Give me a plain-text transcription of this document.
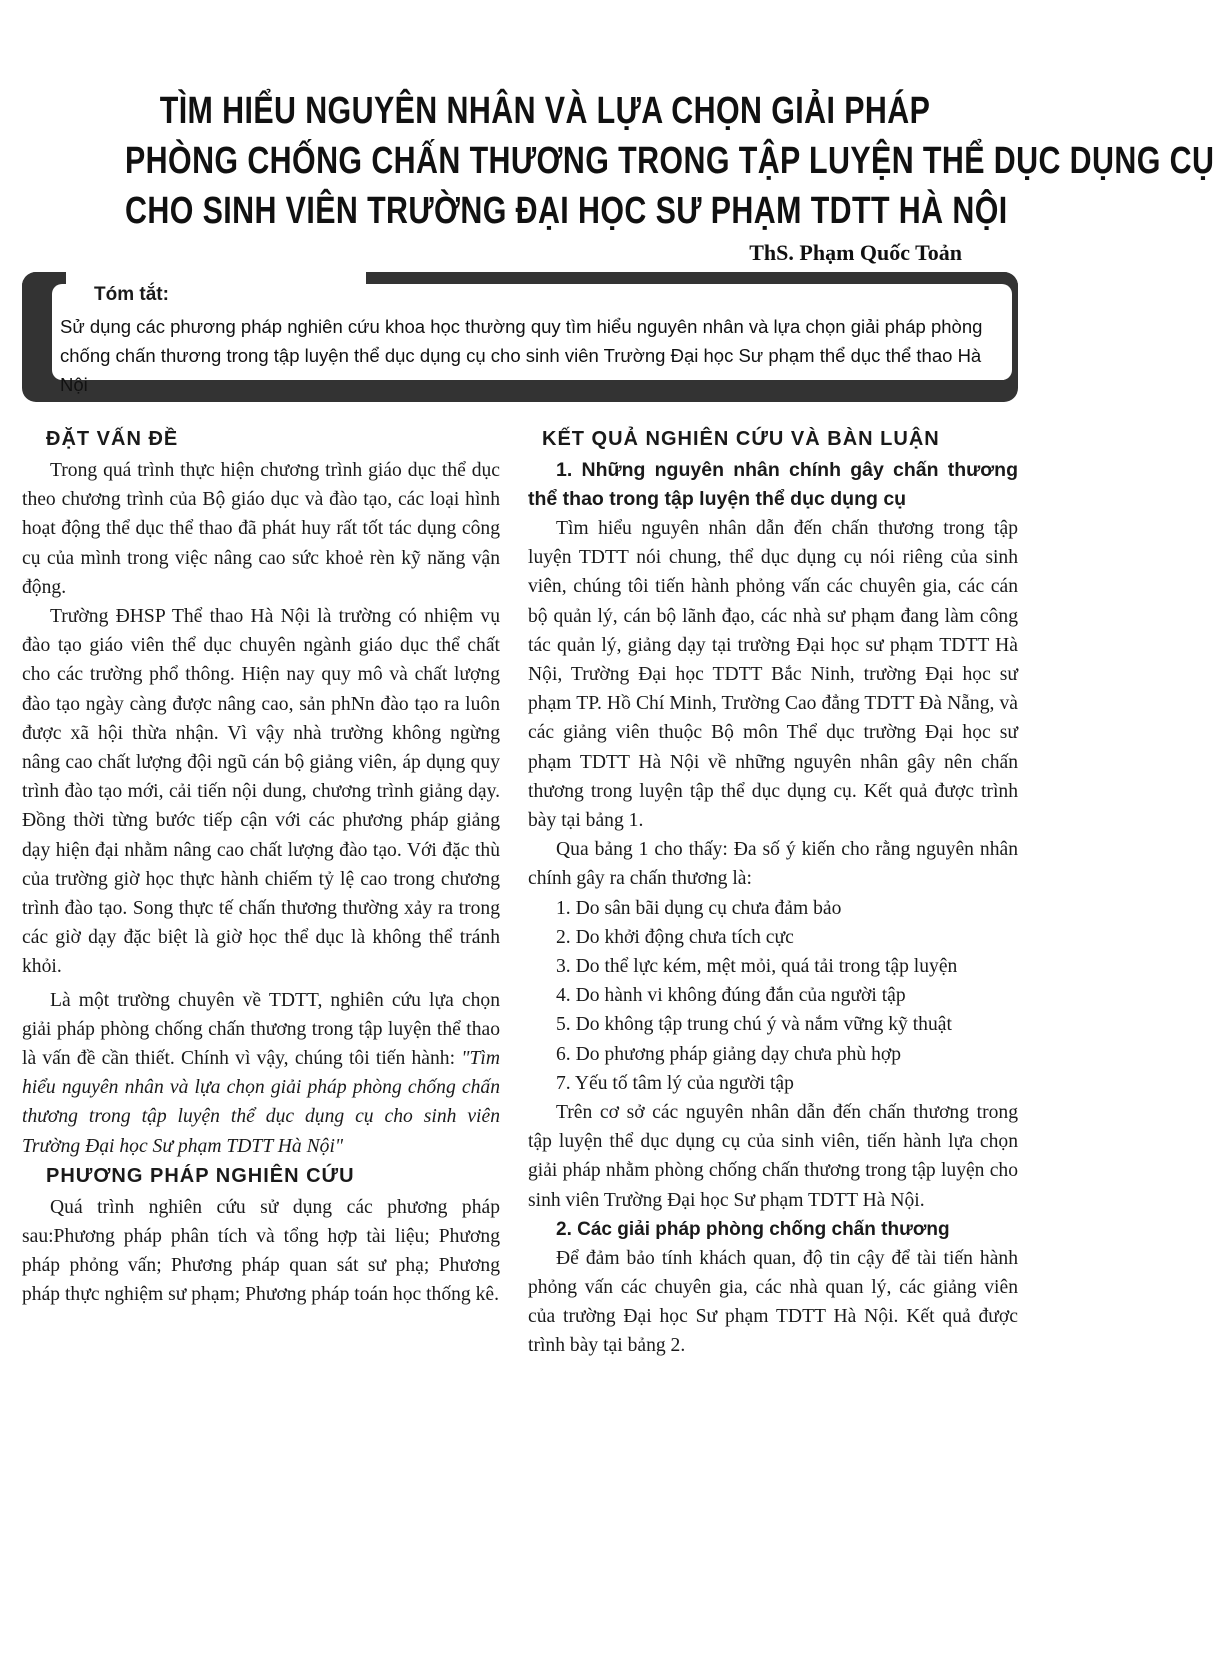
TÌM HIỂU NGUYÊN NHÂN VÀ LỰA CHỌN GIẢI PHÁP
PHÒNG CHỐNG CHẤN THƯƠNG TRONG TẬP LUYỆN THỂ DỤC DỤNG CỤ
CHO SINH VIÊN TRƯỜNG ĐẠI HỌC SƯ PHẠM TDTT HÀ NỘI
ThS. Phạm Quốc Toản
Tóm tắt:
Sử dụng các phương pháp nghiên cứu khoa học thường quy tìm hiểu nguyên nhân và lựa chọn giải pháp phòng chống chấn thương trong tập luyện thể dục dụng cụ cho sinh viên Trường Đại học Sư phạm thể dục thể thao Hà Nội
ĐẶT VẤN ĐỀ

Trong quá trình thực hiện chương trình giáo dục thể dục theo chương trình của Bộ giáo dục và đào tạo, các loại hình hoạt động thể dục thể thao đã phát huy rất tốt tác dụng công cụ của mình trong việc nâng cao sức khoẻ rèn kỹ năng vận động.

Trường ĐHSP Thể thao Hà Nội là trường có nhiệm vụ đào tạo giáo viên thể dục chuyên ngành giáo dục thể chất cho các trường phổ thông. Hiện nay quy mô và chất lượng đào tạo ngày càng được nâng cao, sản phNn đào tạo ra luôn được xã hội thừa nhận. Vì vậy nhà trường không ngừng nâng cao chất lượng đội ngũ cán bộ giảng viên, áp dụng quy trình đào tạo mới, cải tiến nội dung, chương trình giảng dạy. Đồng thời từng bước tiếp cận với các phương pháp giảng dạy hiện đại nhằm nâng cao chất lượng đào tạo. Với đặc thù của trường giờ học thực hành chiếm tỷ lệ cao trong chương trình đào tạo. Song thực tế chấn thương thường xảy ra trong các giờ dạy đặc biệt là giờ học thể dục là không thể tránh khỏi.

Là một trường chuyên về TDTT, nghiên cứu lựa chọn giải pháp phòng chống chấn thương trong tập luyện thể thao là vấn đề cần thiết. Chính vì vậy, chúng tôi tiến hành: "Tìm hiểu nguyên nhân và lựa chọn giải pháp phòng chống chấn thương trong tập luyện thể dục dụng cụ cho sinh viên Trường Đại học Sư phạm TDTT Hà Nội"

PHƯƠNG PHÁP NGHIÊN CỨU

Quá trình nghiên cứu sử dụng các phương pháp sau:Phương pháp phân tích và tổng hợp tài liệu; Phương pháp phỏng vấn; Phương pháp quan sát sư phạ; Phương pháp thực nghiệm sư phạm; Phương pháp toán học thống kê.

KẾT QUẢ NGHIÊN CỨU VÀ BÀN LUẬN
1. Những nguyên nhân chính gây chấn thương thể thao trong tập luyện thể dục dụng cụ

Tìm hiểu nguyên nhân dẫn đến chấn thương trong tập luyện TDTT nói chung, thể dục dụng cụ nói riêng của sinh viên, chúng tôi tiến hành phỏng vấn các chuyên gia, các cán bộ quản lý, cán bộ lãnh đạo, các nhà sư phạm đang làm công tác quản lý, giảng dạy tại trường Đại học sư phạm TDTT Hà Nội, Trường Đại học TDTT Bắc Ninh, trường Đại học sư phạm TP. Hồ Chí Minh, Trường Cao đẳng TDTT Đà Nẵng, và các giảng viên thuộc Bộ môn Thể dục trường Đại học sư phạm TDTT Hà Nội về những nguyên nhân gây nên chấn thương trong luyện tập thể dục dụng cụ. Kết quả được trình bày tại bảng 1.

Qua bảng 1 cho thấy: Đa số ý kiến cho rằng nguyên nhân chính gây ra chấn thương là:

1. Do sân bãi dụng cụ chưa đảm bảo
2. Do khởi động chưa tích cực
3. Do thể lực kém, mệt mỏi, quá tải trong tập luyện
4. Do hành vi không đúng đắn của người tập
5. Do không tập trung chú ý và nắm vững kỹ thuật
6. Do phương pháp giảng dạy chưa phù hợp
7. Yếu tố tâm lý của người tập

Trên cơ sở các nguyên nhân dẫn đến chấn thương trong tập luyện thể dục dụng cụ của sinh viên, tiến hành lựa chọn giải pháp nhằm phòng chống chấn thương trong tập luyện cho sinh viên Trường Đại học Sư phạm TDTT Hà Nội.

2. Các giải pháp phòng chống chấn thương

Để đảm bảo tính khách quan, độ tin cậy để tài tiến hành phỏng vấn các chuyên gia, các nhà quan lý, các giảng viên của trường Đại học Sư phạm TDTT Hà Nội. Kết quả được trình bày tại bảng 2.
